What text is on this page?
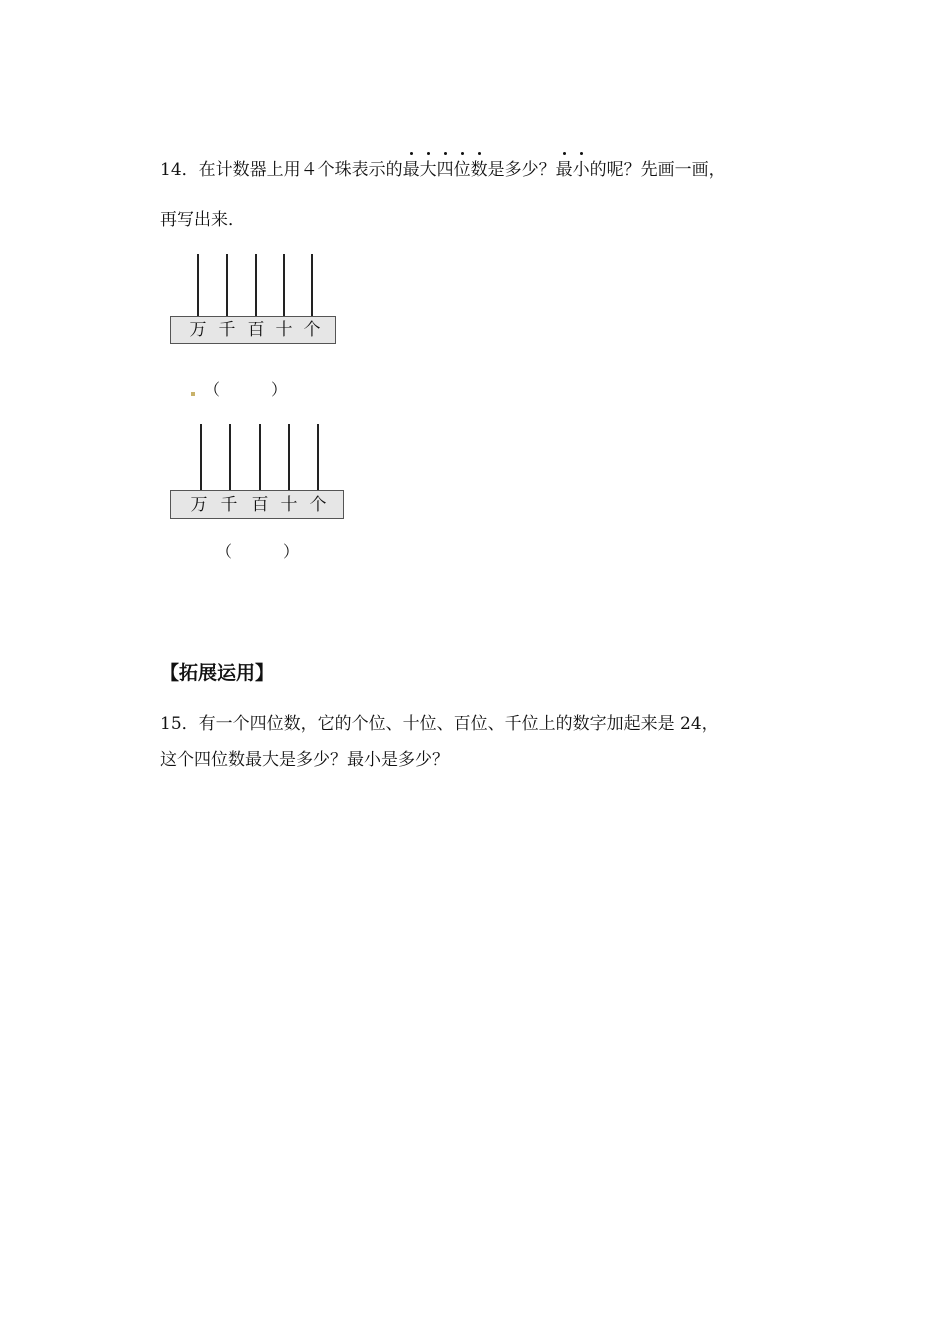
14．在计数器上用４个珠表示的最大四位数是多少？最小的呢？先画一画，
再写出来．
万 千 百 十 个
（	）
万 千 百 十 个
（	）
【拓展运用】
15．有一个四位数，它的个位、十位、百位、千位上的数字加起来是 24，
这个四位数最大是多少？最小是多少？
